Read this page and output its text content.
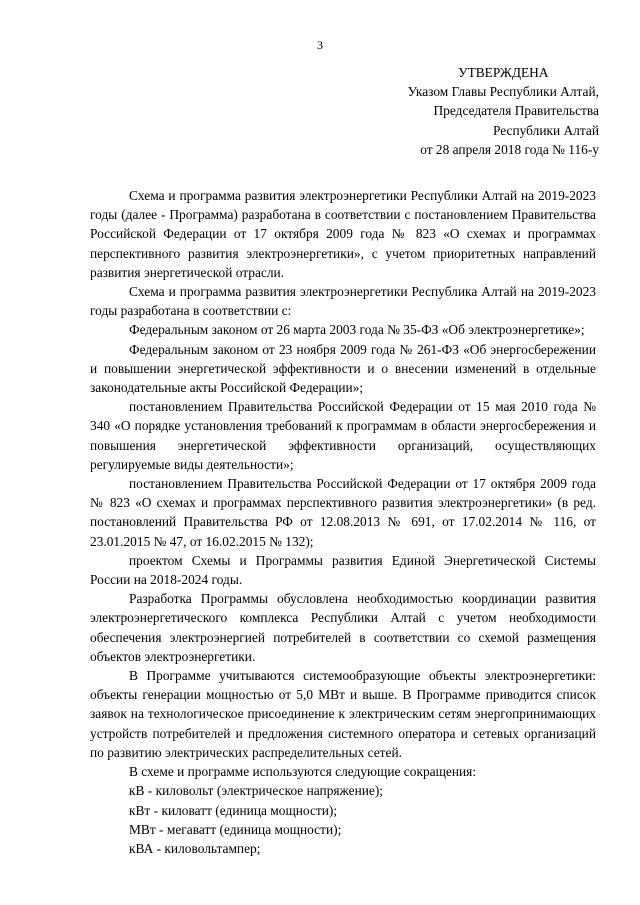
3
УТВЕРЖДЕНА
Указом Главы Республики Алтай,
Председателя Правительства
Республики Алтай
от 28 апреля 2018 года № 116-у

Схема и программа развития электроэнергетики Республики Алтай на 2019-2023 годы (далее - Программа) разработана в соответствии с постановлением Правительства Российской Федерации от 17 октября 2009 года № 823 «О схемах и программах перспективного развития электроэнергетики», с учетом приоритетных направлений развития энергетической отрасли.

Схема и программа развития электроэнергетики Республика Алтай на 2019-2023 годы разработана в соответствии с:

Федеральным законом от 26 марта 2003 года № 35-ФЗ «Об электроэнергетике»;

Федеральным законом от 23 ноября 2009 года № 261-ФЗ «Об энергосбережении и повышении энергетической эффективности и о внесении изменений в отдельные законодательные акты Российской Федерации»;

постановлением Правительства Российской Федерации от 15 мая 2010 года № 340 «О порядке установления требований к программам в области энергосбережения и повышения энергетической эффективности организаций, осуществляющих регулируемые виды деятельности»;

постановлением Правительства Российской Федерации от 17 октября 2009 года № 823 «О схемах и программах перспективного развития электроэнергетики» (в ред. постановлений Правительства РФ от 12.08.2013 № 691, от 17.02.2014 № 116, от 23.01.2015 № 47, от 16.02.2015 № 132);

проектом Схемы и Программы развития Единой Энергетической Системы России на 2018-2024 годы.

Разработка Программы обусловлена необходимостью координации развития электроэнергетического комплекса Республики Алтай с учетом необходимости обеспечения электроэнергией потребителей в соответствии со схемой размещения объектов электроэнергетики.

В Программе учитываются системообразующие объекты электроэнергетики: объекты генерации мощностью от 5,0 МВт и выше. В Программе приводится список заявок на технологическое присоединение к электрическим сетям энергопринимающих устройств потребителей и предложения системного оператора и сетевых организаций по развитию электрических распределительных сетей.

В схеме и программе используются следующие сокращения:

кВ - киловольт (электрическое напряжение);

кВт - киловатт (единица мощности);

МВт - мегаватт (единица мощности);

кВА - киловольтампер;
